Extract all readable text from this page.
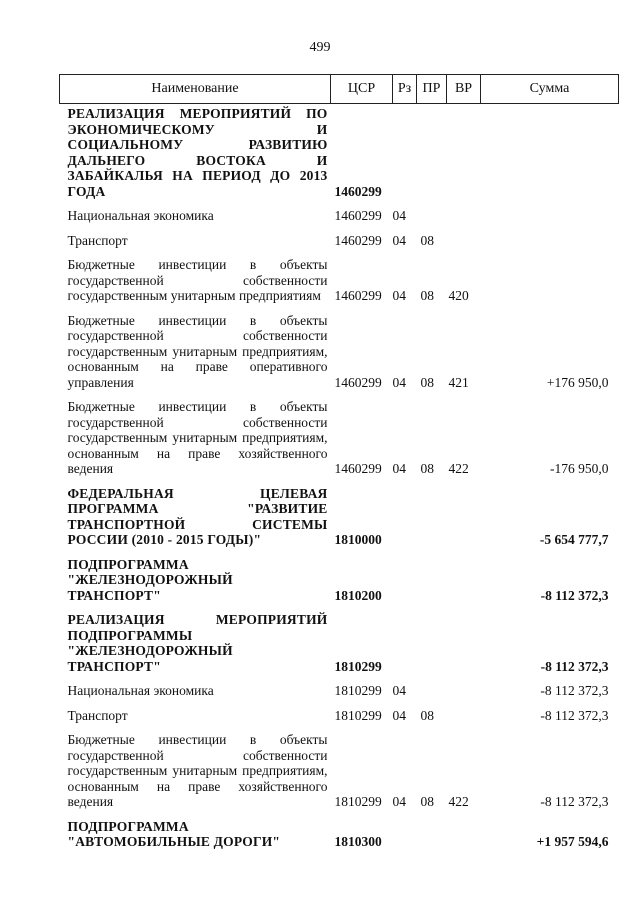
499
Наименование	ЦСР	Рз	ПР	ВР	Сумма
РЕАЛИЗАЦИЯ МЕРОПРИЯТИЙ ПО ЭКОНОМИЧЕСКОМУ И СОЦИАЛЬНОМУ РАЗВИТИЮ ДАЛЬНЕГО ВОСТОКА И ЗАБАЙКАЛЬЯ НА ПЕРИОД ДО 2013 ГОДА	1460299				
Национальная экономика	1460299	04			
Транспорт	1460299	04	08		
Бюджетные инвестиции в объекты государственной собственности государственным унитарным предприятиям	1460299	04	08	420	
Бюджетные инвестиции в объекты государственной собственности государственным унитарным предприятиям, основанным на праве оперативного управления	1460299	04	08	421	+176 950,0
Бюджетные инвестиции в объекты государственной собственности государственным унитарным предприятиям, основанным на праве хозяйственного ведения	1460299	04	08	422	-176 950,0
ФЕДЕРАЛЬНАЯ ЦЕЛЕВАЯ ПРОГРАММА "РАЗВИТИЕ ТРАНСПОРТНОЙ СИСТЕМЫ РОССИИ (2010 - 2015 ГОДЫ)"	1810000				-5 654 777,7
ПОДПРОГРАММА "ЖЕЛЕЗНОДОРОЖНЫЙ ТРАНСПОРТ"	1810200				-8 112 372,3
РЕАЛИЗАЦИЯ МЕРОПРИЯТИЙ ПОДПРОГРАММЫ "ЖЕЛЕЗНОДОРОЖНЫЙ ТРАНСПОРТ"	1810299				-8 112 372,3
Национальная экономика	1810299	04			-8 112 372,3
Транспорт	1810299	04	08		-8 112 372,3
Бюджетные инвестиции в объекты государственной собственности государственным унитарным предприятиям, основанным на праве хозяйственного ведения	1810299	04	08	422	-8 112 372,3
ПОДПРОГРАММА "АВТОМОБИЛЬНЫЕ ДОРОГИ"	1810300				+1 957 594,6
